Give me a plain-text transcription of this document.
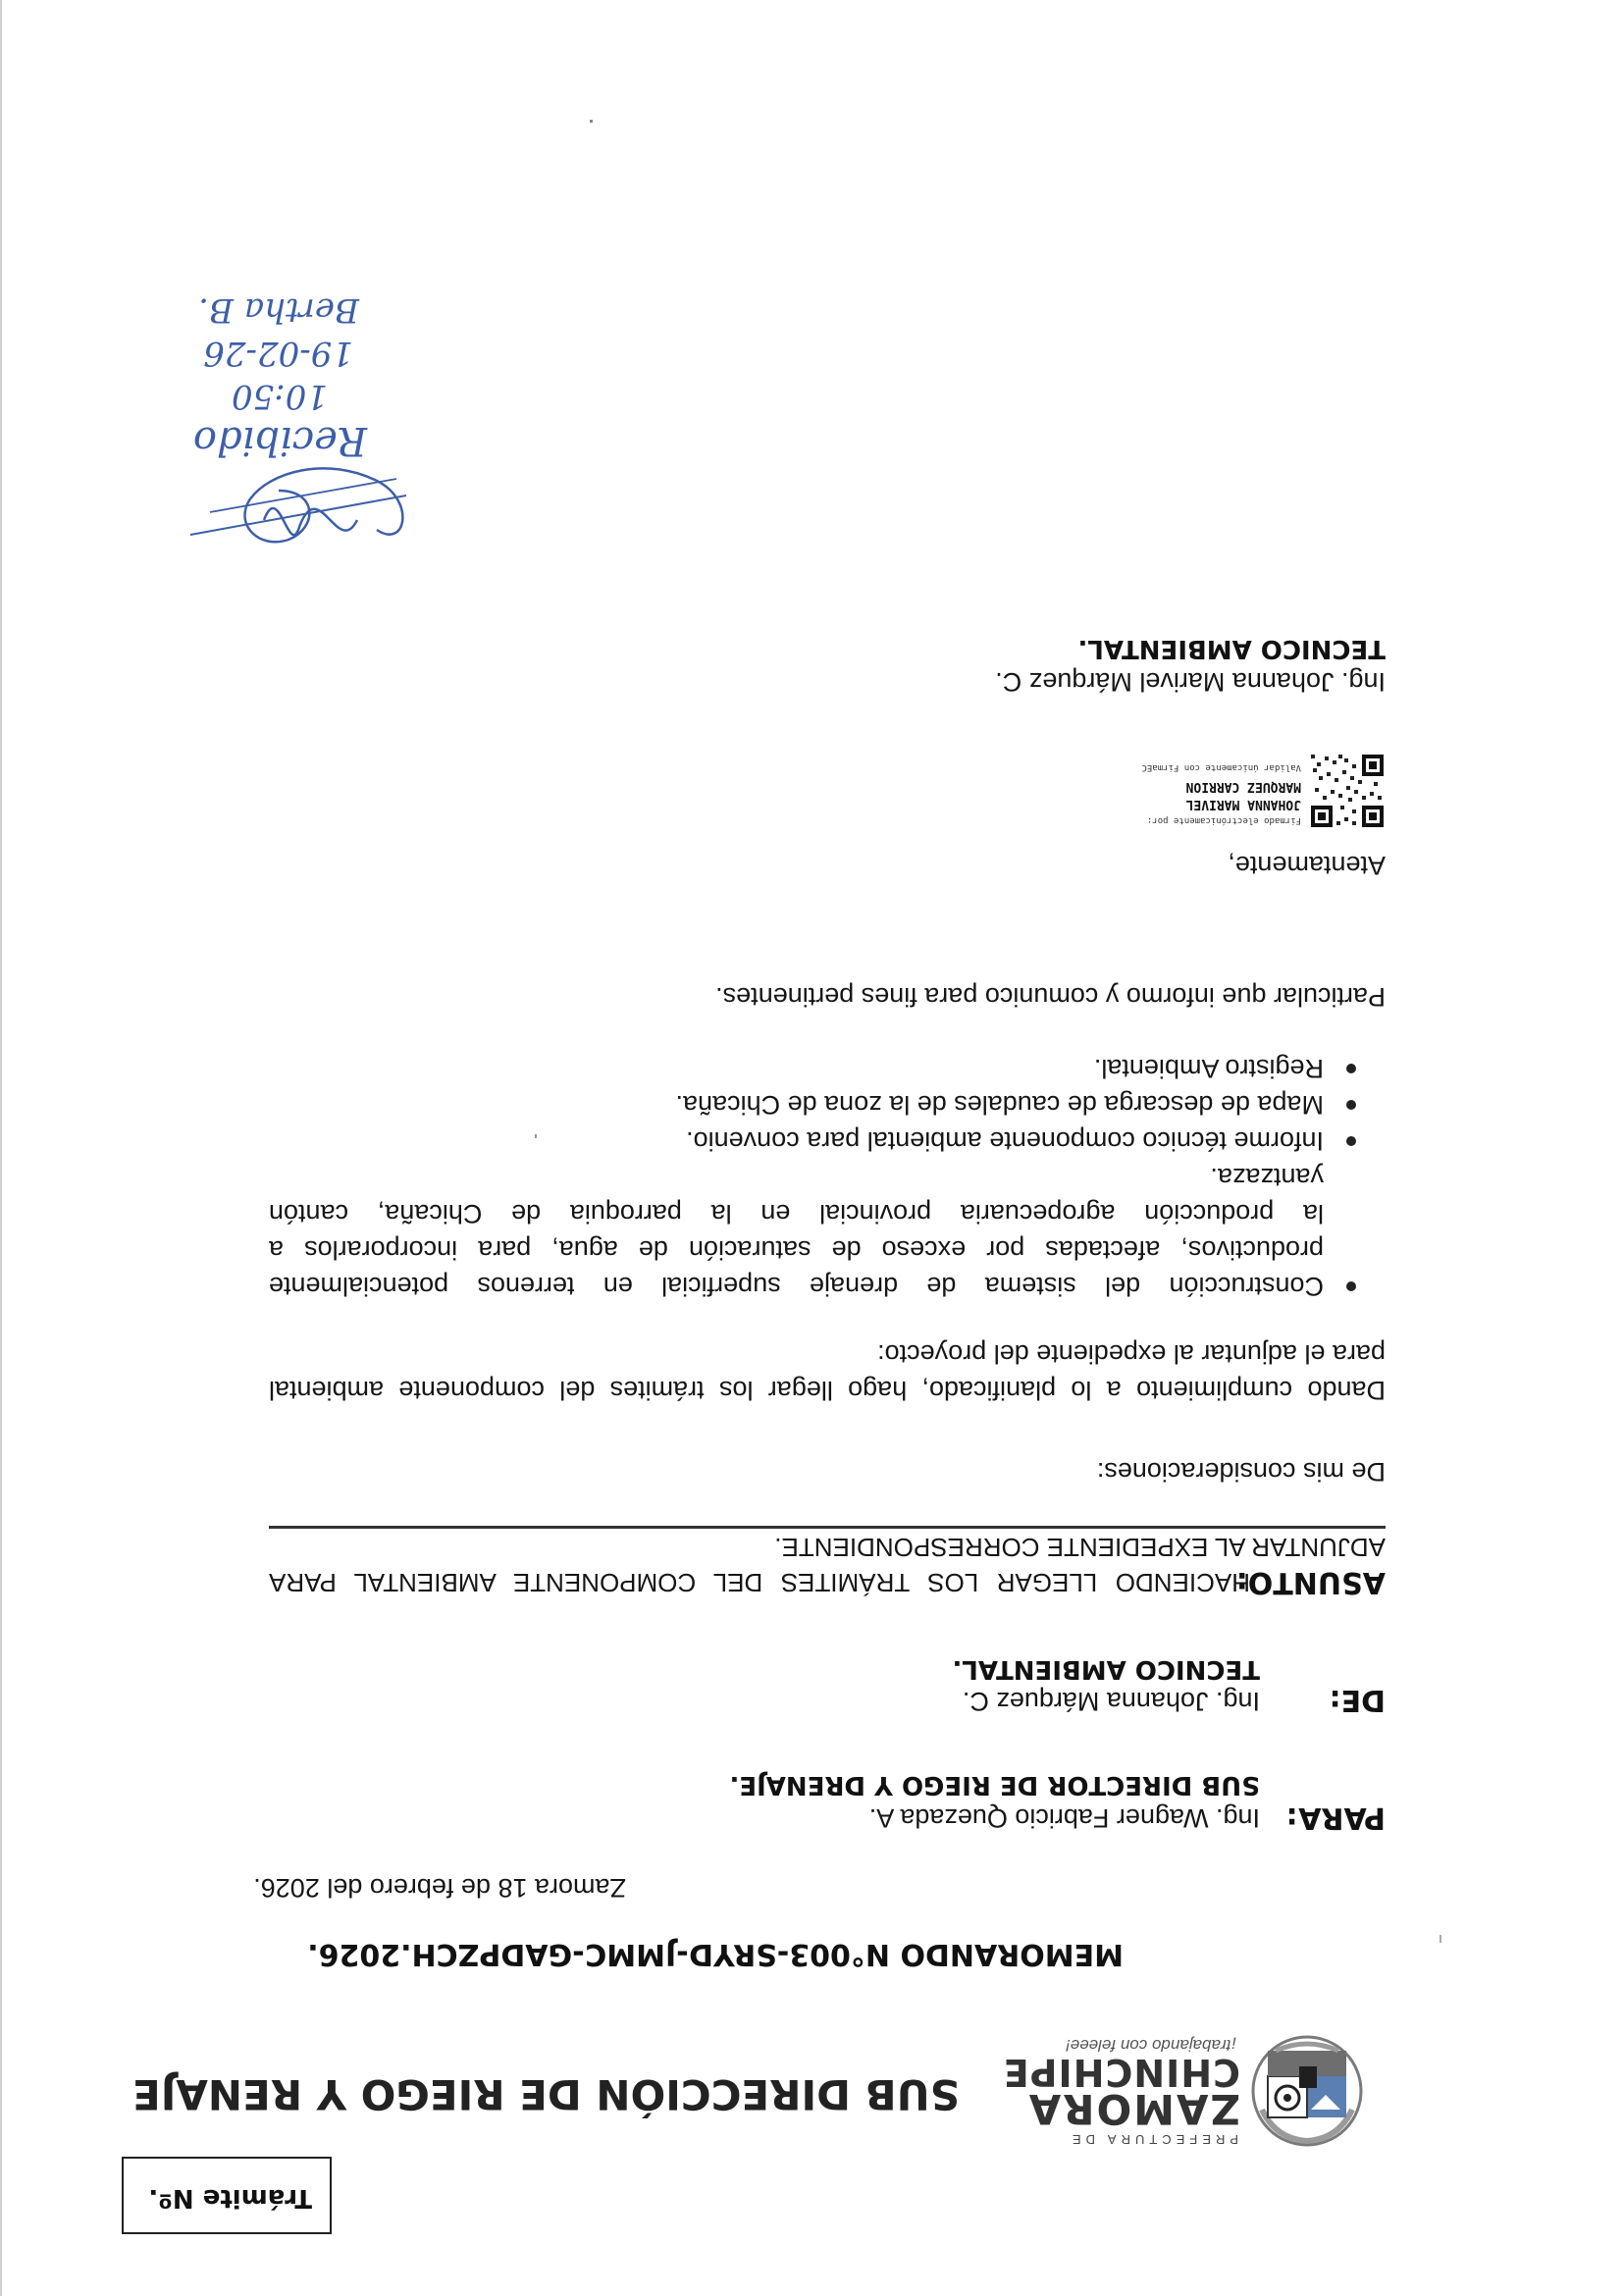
Trámite Nº.
PREFECTURA DE
ZAMORA
CHINCHIPE
¡trabajando con feleee!
SUB DIRECCIÓN DE RIEGO Y RENAJE
MEMORANDO N°003-SRYD-JMMC-GADPZCH.2026.
Zamora 18 de febrero del 2026.
PARA:
Ing. Wagner Fabricio Quezada A.
SUB DIRECTOR DE RIEGO Y DRENAJE.
DE:
Ing. Johanna Márquez C.
TECNICO AMBIENTAL.
ASUNTO:
HACIENDO LLEGAR LOS TRÁMITES DEL COMPONENTE AMBIENTAL PARA
ADJUNTAR AL EXPEDIENTE CORRESPONDIENTE.
De mis consideraciones:
Dando cumplimiento a lo planificado, hago llegar los trámites del componente ambiental
para el adjuntar al expediente del proyecto:
Construcción del sistema de drenaje superficial en terrenos potencialmente
productivos, afectadas por exceso de saturación de agua, para incorporarlos a
la producción agropecuaria provincial en la parroquia de Chicaña, cantón
yantzaza.
Informe técnico componente ambiental para convenio.
Mapa de descarga de caudales de la zona de Chicaña.
Registro Ambiental.
Particular que informo y comunico para fines pertinentes.
Atentamente,
Firmado electrónicamente por:
JOHANNA MARIVEL
MARQUEZ CARRION
Validar únicamente con FirmaEC
Ing. Johanna Marivel Márquez C.
TECNICO AMBIENTAL.
Recibido
10:50
19-02-26
Bertha B.
